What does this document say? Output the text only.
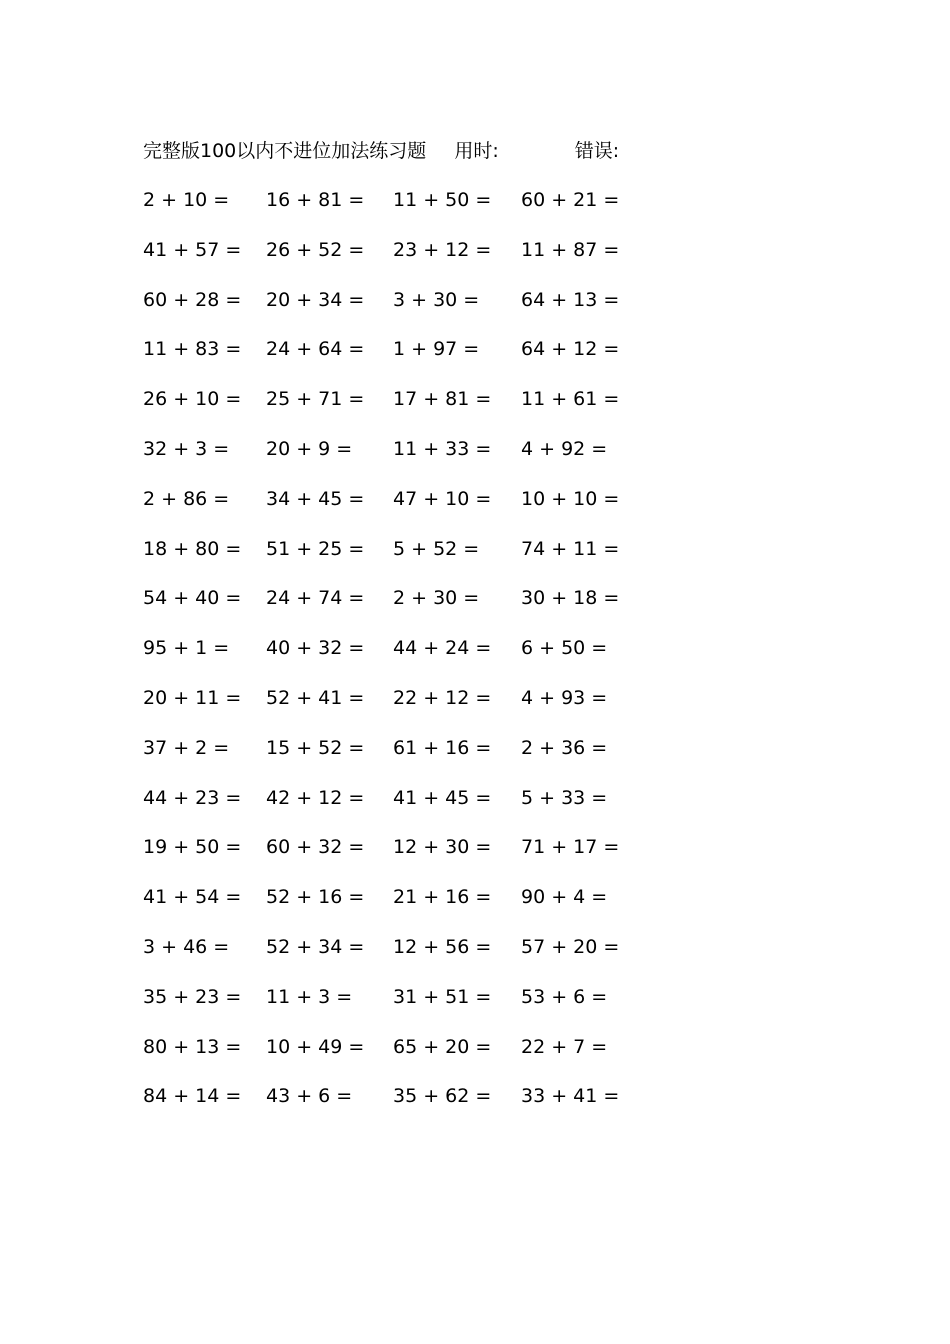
完整版100以内不进位加法练习题 用时:	错误:
2 + 10 = 16 + 81 = 11 + 50 = 60 + 21 =
41 + 57 = 26 + 52 = 23 + 12 = 11 + 87 =
60 + 28 = 20 + 34 = 3 + 30 = 64 + 13 =
11 + 83 = 24 + 64 = 1 + 97 = 64 + 12 =
26 + 10 = 25 + 71 = 17 + 81 = 11 + 61 =
32 + 3 = 20 + 9 = 11 + 33 = 4 + 92 =
2 + 86 = 34 + 45 = 47 + 10 = 10 + 10 =
18 + 80 = 51 + 25 = 5 + 52 = 74 + 11 =
54 + 40 = 24 + 74 = 2 + 30 = 30 + 18 =
95 + 1 = 40 + 32 = 44 + 24 = 6 + 50 =
20 + 11 = 52 + 41 = 22 + 12 = 4 + 93 =
37 + 2 = 15 + 52 = 61 + 16 = 2 + 36 =
44 + 23 = 42 + 12 = 41 + 45 = 5 + 33 =
19 + 50 = 60 + 32 = 12 + 30 = 71 + 17 =
41 + 54 = 52 + 16 = 21 + 16 = 90 + 4 =
3 + 46 = 52 + 34 = 12 + 56 = 57 + 20 =
35 + 23 = 11 + 3 = 31 + 51 = 53 + 6 =
80 + 13 = 10 + 49 = 65 + 20 = 22 + 7 =
84 + 14 = 43 + 6 = 35 + 62 = 33 + 41 =
